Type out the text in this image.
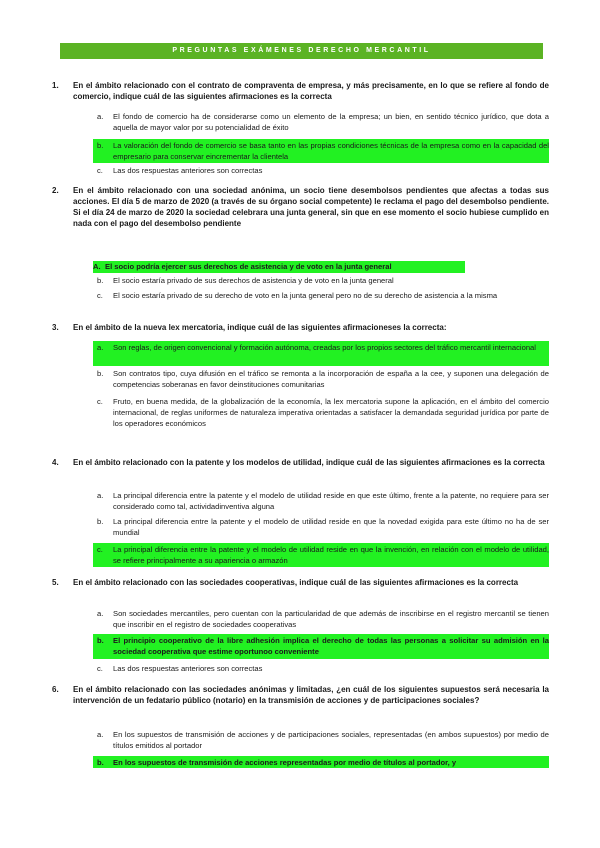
PREGUNTAS EXÁMENES DERECHO MERCANTIL
1. En el ámbito relacionado con el contrato de compraventa de empresa, y más precisamente, en lo que se refiere al fondo de comercio, indique cuál de las siguientes afirmaciones es la correcta
a. El fondo de comercio ha de considerarse como un elemento de la empresa; un bien, en sentido técnico jurídico, que dota a aquella de mayor valor por su potencialidad de éxito
b. La valoración del fondo de comercio se basa tanto en las propias condiciones técnicas de la empresa como en la capacidad del empresario para conservar eincrementar la clientela
c. Las dos respuestas anteriores son correctas
2. En el ámbito relacionado con una sociedad anónima, un socio tiene desembolsos pendientes que afectas a todas sus acciones. El día 5 de marzo de 2020 (a través de su órgano social competente) le reclama el pago del desembolso pendiente. Si el día 24 de marzo de 2020 la sociedad celebrara una junta general, sin que en ese momento el socio hubiese cumplido en nada con el pago del desembolso pendiente
A. El socio podría ejercer sus derechos de asistencia y de voto en la junta general
b. El socio estaría privado de sus derechos de asistencia y de voto en la junta general
c. El socio estaría privado de su derecho de voto en la junta general pero no de su derecho de asistencia a la misma
3. En el ámbito de la nueva lex mercatoria, indique cuál de las siguientes afirmacioneses la correcta:
a. Son reglas, de origen convencional y formación autónoma, creadas por los propios sectores del tráfico mercantil internacional
b. Son contratos tipo, cuya difusión en el tráfico se remonta a la incorporación de españa a la cee, y suponen una delegación de competencias soberanas en favor deinstituciones comunitarias
c. Fruto, en buena medida, de la globalización de la economía, la lex mercatoria supone la aplicación, en el ámbito del comercio internacional, de reglas uniformes de naturaleza imperativa orientadas a satisfacer la demandada seguridad jurídica por parte de los operadores económicos
4. En el ámbito relacionado con la patente y los modelos de utilidad, indique cuál de las siguientes afirmaciones es la correcta
a. La principal diferencia entre la patente y el modelo de utilidad reside en que este último, frente a la patente, no requiere para ser considerado como tal, actividadinventiva alguna
b. La principal diferencia entre la patente y el modelo de utilidad reside en que la novedad exigida para este último no ha de ser mundial
c. La principal diferencia entre la patente y el modelo de utilidad reside en que la invención, en relación con el modelo de utilidad, se refiere principalmente a su apariencia o armazón
5. En el ámbito relacionado con las sociedades cooperativas, indique cuál de las siguientes afirmaciones es la correcta
a. Son sociedades mercantiles, pero cuentan con la particularidad de que además de inscribirse en el registro mercantil se tienen que inscribir en el registro de sociedades cooperativas
b. El principio cooperativo de la libre adhesión implica el derecho de todas las personas a solicitar su admisión en la sociedad cooperativa que estime oportunoo conveniente
c. Las dos respuestas anteriores son correctas
6. En el ámbito relacionado con las sociedades anónimas y limitadas, ¿en cuál de los siguientes supuestos será necesaria la intervención de un fedatario público (notario) en la transmisión de acciones y de participaciones sociales?
a. En los supuestos de transmisión de acciones y de participaciones sociales, representadas (en ambos supuestos) por medio de títulos emitidos al portador
b. En los supuestos de transmisión de acciones representadas por medio de títulos al portador, y
